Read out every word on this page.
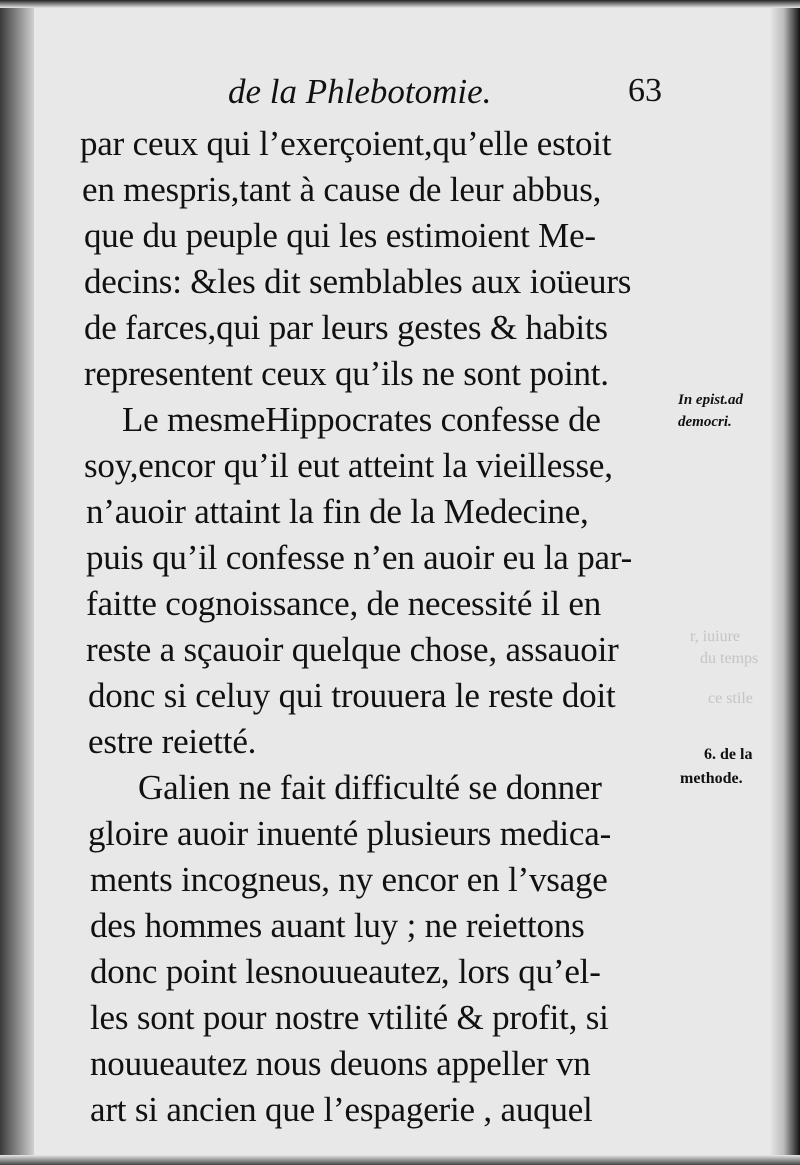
r, iuiure
du temps
ce stile
de la Phlebotomie.	63
par ceux qui l’exerçoient,qu’elle estoit
en mespris,tant à cause de leur abbus,
que du peuple qui les estimoient Me-
decins: &les dit semblables aux ioüeurs
de farces,qui par leurs gestes & habits
representent ceux qu’ils ne sont point.
Le mesmeHippocrates confesse de
soy,encor qu’il eut atteint la vieillesse,
n’auoir attaint la fin de la Medecine,
puis qu’il confesse n’en auoir eu la par-
faitte cognoissance, de necessité il en
reste a sçauoir quelque chose, assauoir
donc si celuy qui trouuera le reste doit
estre reietté.
Galien ne fait difficulté se donner
gloire auoir inuenté plusieurs medica-
ments incogneus, ny encor en l’vsage
des hommes auant luy ; ne reiettons
donc point lesnouueautez, lors qu’el-
les sont pour nostre vtilité & profit, si
nouueautez nous deuons appeller vn
art si ancien que l’espagerie , auquel
In epist.ad
democri.
6. de la
methode.
